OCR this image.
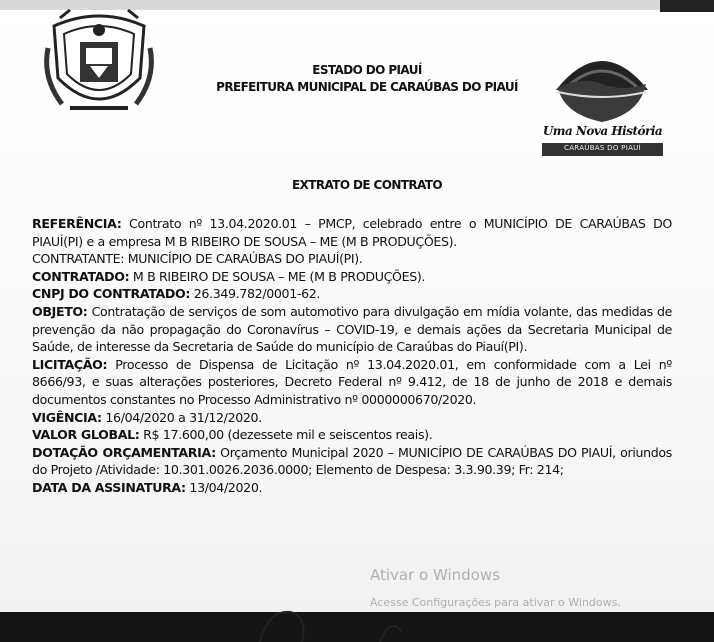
ESTADO DO PIAUÍ
PREFEITURA MUNICIPAL DE CARAÚBAS DO PIAUÍ
Uma Nova História
CARAÚBAS DO PIAUÍ
EXTRATO DE CONTRATO

REFERÊNCIA: Contrato nº 13.04.2020.01 – PMCP, celebrado entre o MUNICÍPIO DE CARAÚBAS DO PIAUÍ(PI) e a empresa M B RIBEIRO DE SOUSA – ME (M B PRODUÇÕES).

CONTRATANTE: MUNICÍPIO DE CARAÚBAS DO PIAUÍ(PI).

CONTRATADO: M B RIBEIRO DE SOUSA – ME (M B PRODUÇÕES).

CNPJ DO CONTRATADO: 26.349.782/0001-62.

OBJETO: Contratação de serviços de som automotivo para divulgação em mídia volante, das medidas de prevenção da não propagação do Coronavírus – COVID-19, e demais ações da Secretaria Municipal de Saúde, de interesse da Secretaria de Saúde do município de Caraúbas do Piauí(PI).

LICITAÇÃO: Processo de Dispensa de Licitação nº 13.04.2020.01, em conformidade com a Lei nº 8666/93, e suas alterações posteriores, Decreto Federal nº 9.412, de 18 de junho de 2018 e demais documentos constantes no Processo Administrativo nº 0000000670/2020.

VIGÊNCIA: 16/04/2020 a 31/12/2020.

VALOR GLOBAL: R$ 17.600,00 (dezessete mil e seiscentos reais).

DOTAÇÃO ORÇAMENTARIA: Orçamento Municipal 2020 – MUNICÍPIO DE CARAÚBAS DO PIAUÍ, oriundos do Projeto /Atividade: 10.301.0026.2036.0000; Elemento de Despesa: 3.3.90.39; Fr: 214;

DATA DA ASSINATURA: 13/04/2020.

Ativar o Windows
Acesse Configurações para ativar o Windows.
